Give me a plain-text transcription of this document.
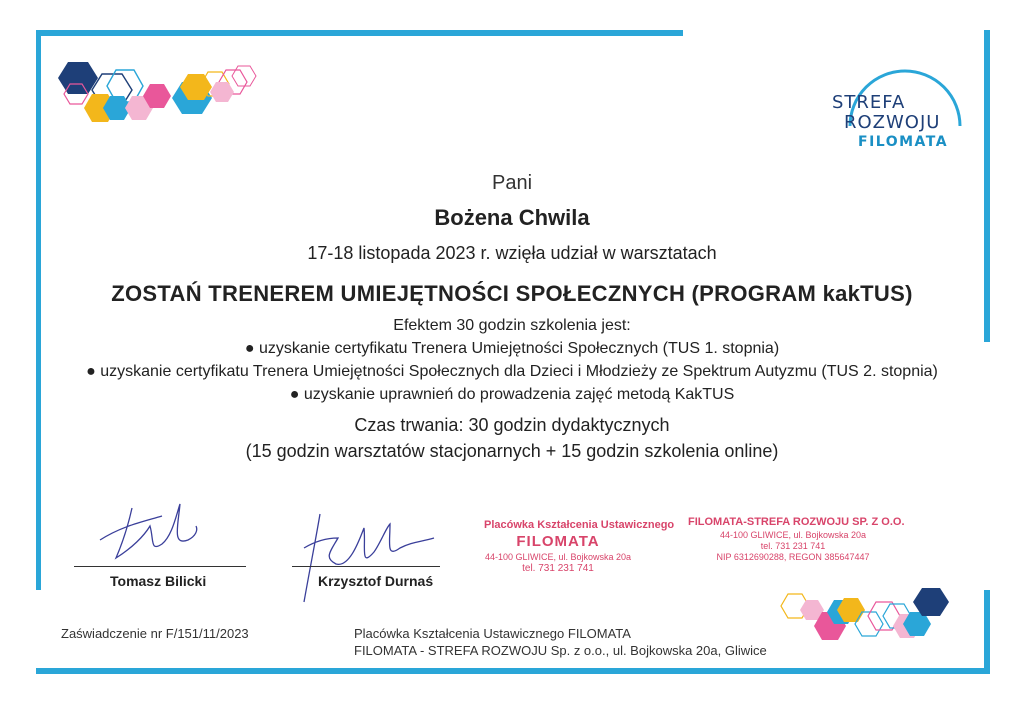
STREFA
ROZWOJU
FILOMATA
Pani
Bożena Chwila
17-18 listopada 2023 r. wzięła udział w warsztatach
ZOSTAŃ TRENEREM UMIEJĘTNOŚCI SPOŁECZNYCH (PROGRAM kakTUS)
Efektem 30 godzin szkolenia jest:
● uzyskanie certyfikatu Trenera Umiejętności Społecznych (TUS 1. stopnia)
● uzyskanie certyfikatu Trenera Umiejętności Społecznych dla Dzieci i Młodzieży ze Spektrum Autyzmu (TUS 2. stopnia)
● uzyskanie uprawnień do prowadzenia zajęć metodą KakTUS
Czas trwania: 30 godzin dydaktycznych
(15 godzin warsztatów stacjonarnych + 15 godzin szkolenia online)
Tomasz Bilicki	Krzysztof Durnaś
Placówka Kształcenia Ustawicznego
FILOMATA
44-100 GLIWICE, ul. Bojkowska 20a
tel. 731 231 741
FILOMATA-STREFA ROZWOJU SP. Z O.O.
44-100 GLIWICE, ul. Bojkowska 20a
tel. 731 231 741
NIP 6312690288, REGON 385647447
Zaświadczenie nr F/151/11/2023	Placówka Kształcenia Ustawicznego FILOMATA
FILOMATA - STREFA ROZWOJU Sp. z o.o., ul. Bojkowska 20a, Gliwice
